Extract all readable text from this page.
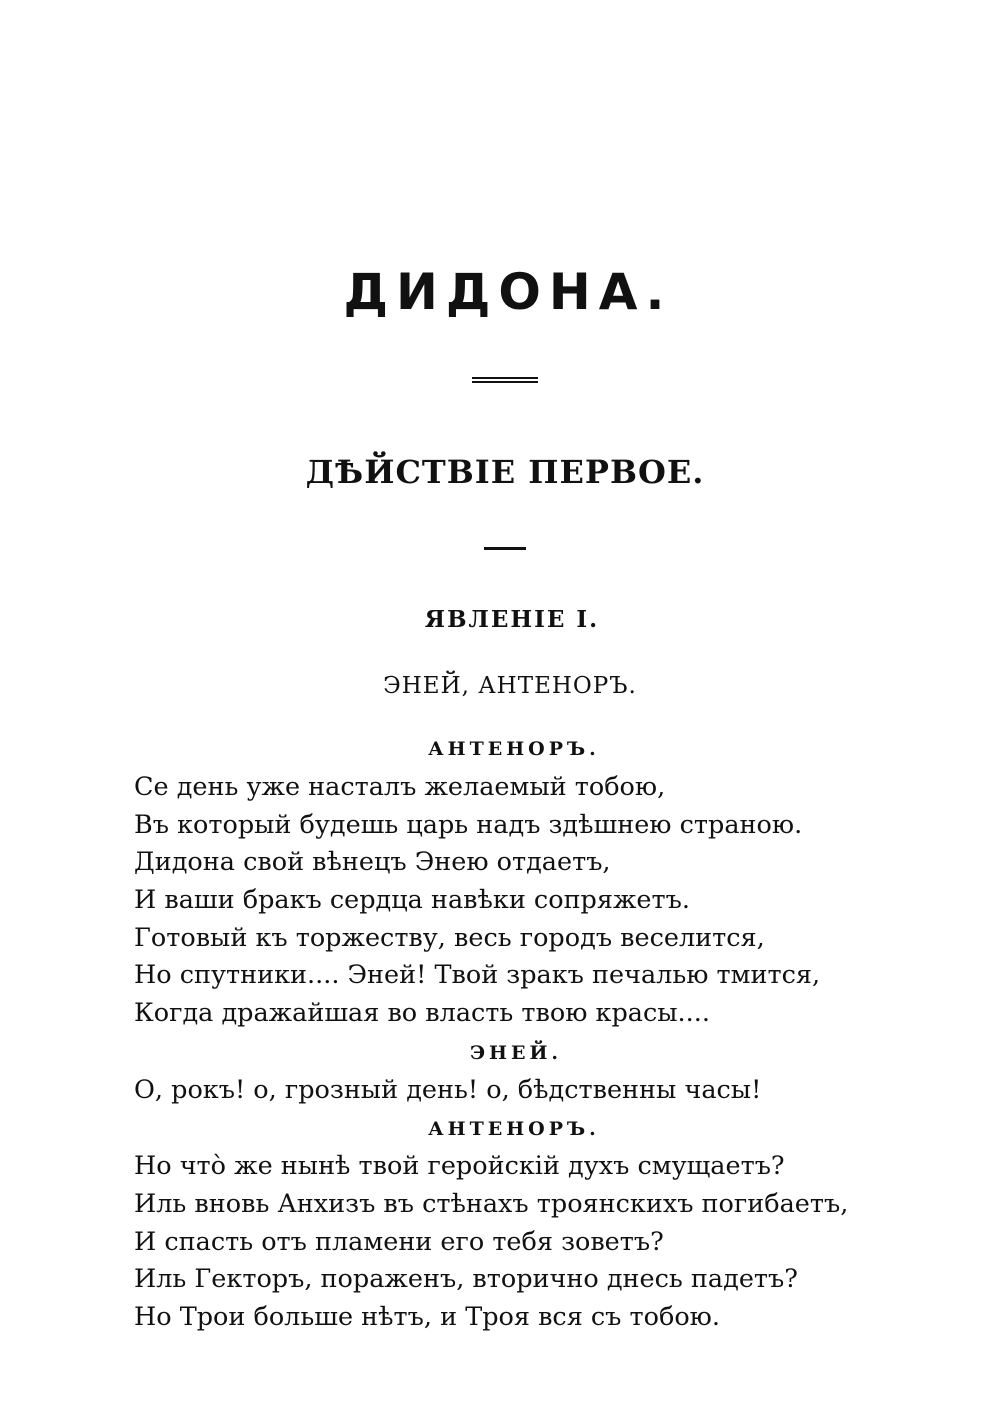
ДИДОНА.
ДѢЙСТВІЕ ПЕРВОЕ.
ЯВЛЕНІЕ I.
ЭНЕЙ, АНТЕНОРЪ.
АНТЕНОРЪ.
Се день уже насталъ желаемый тобою,
Въ который будешь царь надъ здѣшнею страною.
Дидона свой вѣнецъ Энею отдаетъ,
И ваши бракъ сердца навѣки сопряжетъ.
Готовый къ торжеству, весь городъ веселится,
Но спутники.... Эней! Твой зракъ печалью тмится,
Когда дражайшая во власть твою красы....
ЭНЕЙ.
О, рокъ! о, грозный день! о, бѣдственны часы!
АНТЕНОРЪ.
Но чтò же нынѣ твой геройскій духъ смущаетъ?
Иль вновь Анхизъ въ стѣнахъ троянскихъ погибаетъ,
И спасть отъ пламени его тебя зоветъ?
Иль Гекторъ, пораженъ, вторично днесь падетъ?
Но Трои больше нѣтъ, и Троя вся съ тобою.
